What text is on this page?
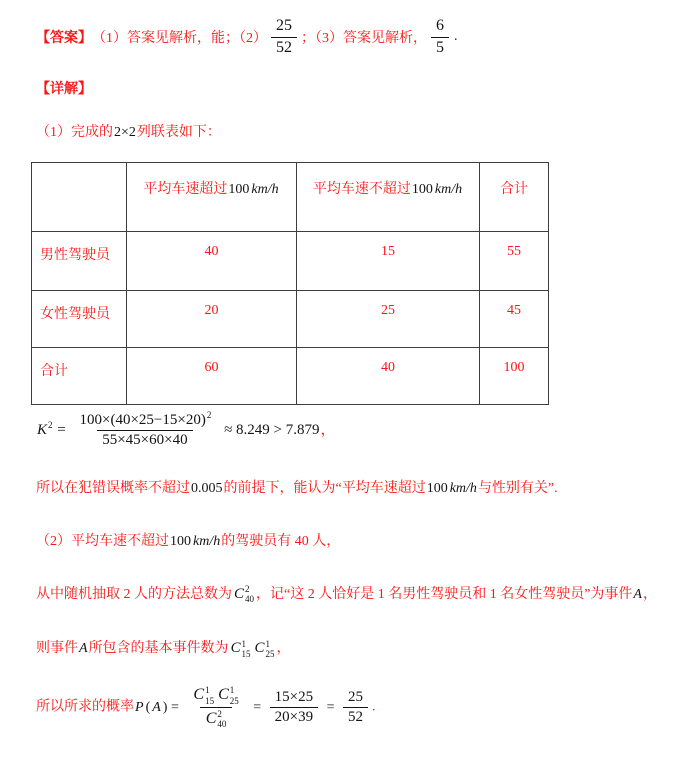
【答案】 （1）答案见解析，能；$(2) \frac{25}{52}$ ；（3）答案见解析， $\frac{6}{5}$ .

【详解】

（1）完成的2×2列联表如下：

	平均车速超过100 km/h	平均车速不超过100 km/h	合计
男性驾驶员	40	15	55
女性驾驶员	20	25	45
合计	60	40	100
$K^2 = \frac{100\times(40\times 25-15\times 20)^2}{55\times 45\times 60\times 40} \approx 8.249 > 7.879$，

所以在犯错误概率不超过0.005的前提下，能认为“平均车速超过100 km/h与性别有关”.

（2）平均车速不超过100 km/h的驾驶员有 40 人，

从中随机抽取 2 人的方法总数为 C 2
40 ，记“这 2 人恰好是 1 名男性驾驶员和 1 名女性驾驶员”为事件A，

则事件A所包含的基本事件数为 C 1
15 C 1
25 ，

所以所求的概率P ( A ) = C 1
15 C 1
25
C 2
$40 = \frac{15\times 25}{20\times 39} = \frac{25}{52}$ .
